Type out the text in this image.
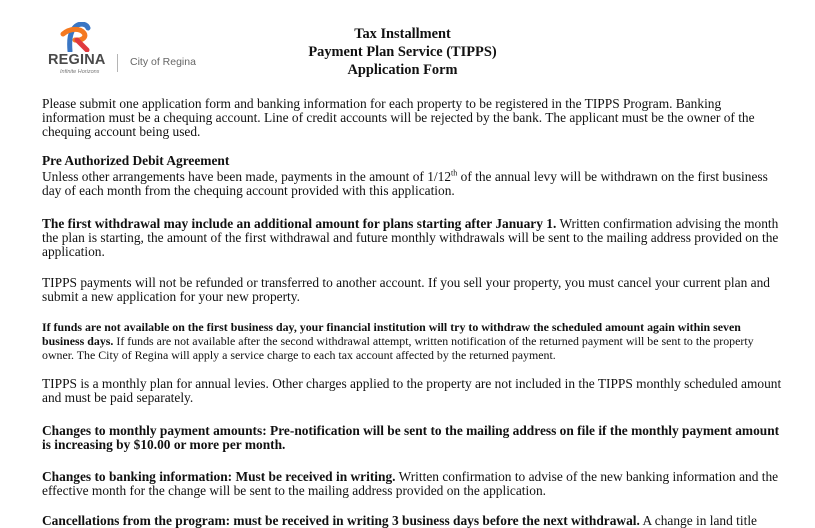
REGINA
Infinite Horizons
City of Regina
Tax Installment
Payment Plan Service (TIPPS)
Application Form

Please submit one application form and banking information for each property to be registered in the TIPPS Program. Banking information must be a chequing account. Line of credit accounts will be rejected by the bank. The applicant must be the owner of the chequing account being used.

Pre Authorized Debit Agreement

Unless other arrangements have been made, payments in the amount of 1/12th of the annual levy will be withdrawn on the first business day of each month from the chequing account provided with this application.

The first withdrawal may include an additional amount for plans starting after January 1. Written confirmation advising the month the plan is starting, the amount of the first withdrawal and future monthly withdrawals will be sent to the mailing address provided on the application.

TIPPS payments will not be refunded or transferred to another account. If you sell your property, you must cancel your current plan and submit a new application for your new property.

If funds are not available on the first business day, your financial institution will try to withdraw the scheduled amount again within seven business days. If funds are not available after the second withdrawal attempt, written notification of the returned payment will be sent to the property owner. The City of Regina will apply a service charge to each tax account affected by the returned payment.

TIPPS is a monthly plan for annual levies. Other charges applied to the property are not included in the TIPPS monthly scheduled amount and must be paid separately.

Changes to monthly payment amounts: Pre-notification will be sent to the mailing address on file if the monthly payment amount is increasing by $10.00 or more per month.

Changes to banking information: Must be received in writing. Written confirmation to advise of the new banking information and the effective month for the change will be sent to the mailing address provided on the application.

Cancellations from the program: must be received in writing 3 business days before the next withdrawal. A change in land title
